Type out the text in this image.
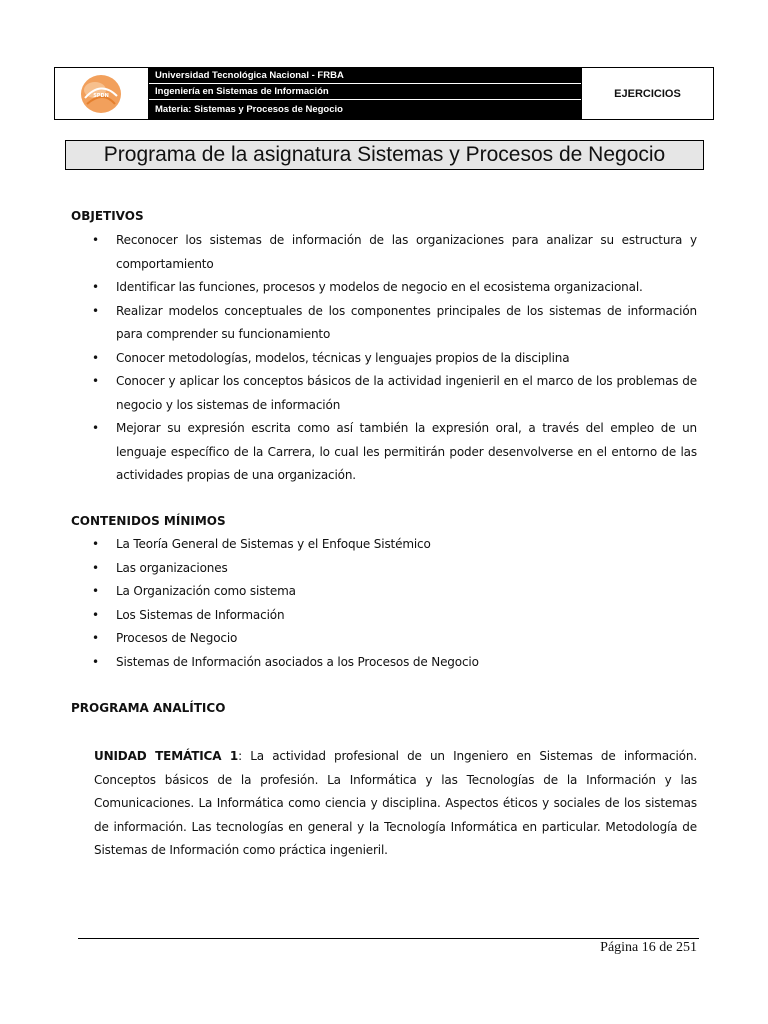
SPDN
Universidad Tecnológica Nacional - FRBA
Ingeniería en Sistemas de Información
Materia: Sistemas y Procesos de Negocio
EJERCICIOS
Programa de la asignatura Sistemas y Procesos de Negocio
OBJETIVOS
• Reconocer los sistemas de información de las organizaciones para analizar su estructura y comportamiento
• Identificar las funciones, procesos y modelos de negocio en el ecosistema organizacional.
• Realizar modelos conceptuales de los componentes principales de los sistemas de información para comprender su funcionamiento
• Conocer metodologías, modelos, técnicas y lenguajes propios de la disciplina
• Conocer y aplicar los conceptos básicos de la actividad ingenieril en el marco de los problemas de negocio y los sistemas de información
• Mejorar su expresión escrita como así también la expresión oral, a través del empleo de un lenguaje específico de la Carrera, lo cual les permitirán poder desenvolverse en el entorno de las actividades propias de una organización.
CONTENIDOS MÍNIMOS
• La Teoría General de Sistemas y el Enfoque Sistémico
• Las organizaciones
• La Organización como sistema
• Los Sistemas de Información
• Procesos de Negocio
• Sistemas de Información asociados a los Procesos de Negocio
PROGRAMA ANALÍTICO
UNIDAD TEMÁTICA 1: La actividad profesional de un Ingeniero en Sistemas de información. Conceptos básicos de la profesión. La Informática y las Tecnologías de la Información y las Comunicaciones. La Informática como ciencia y disciplina. Aspectos éticos y sociales de los sistemas de información. Las tecnologías en general y la Tecnología Informática en particular. Metodología de Sistemas de Información como práctica ingenieril.
Página 16 de 251
